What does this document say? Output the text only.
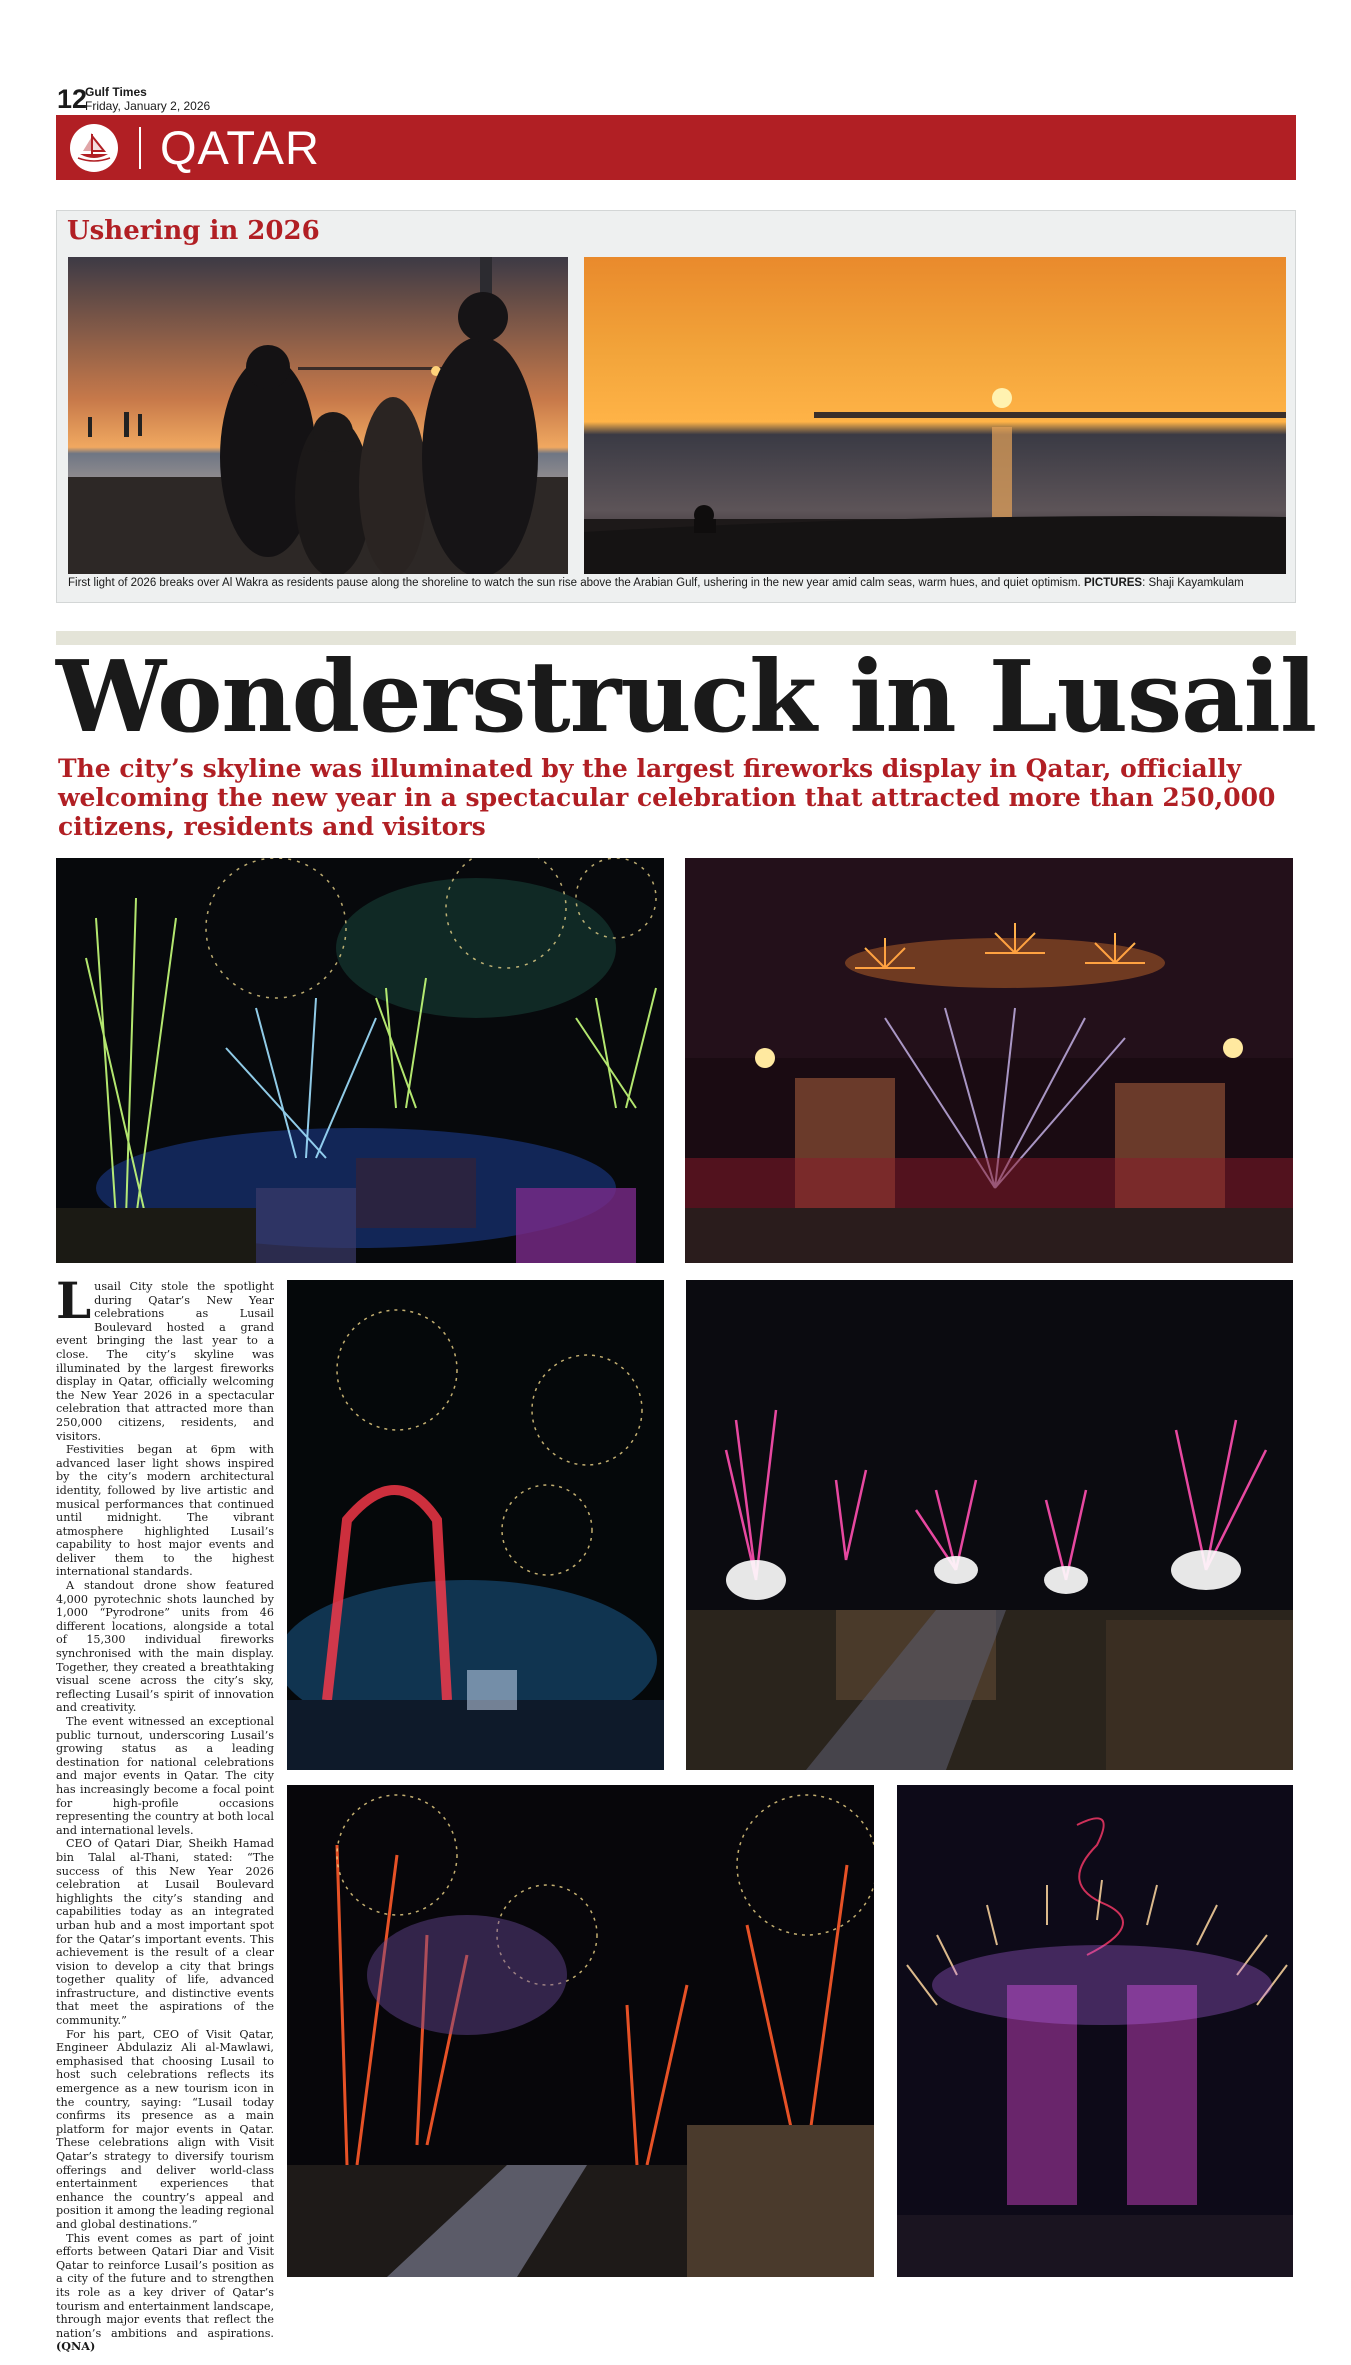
12
Gulf Times
Friday, January 2, 2026
QATAR
Ushering in 2026
First light of 2026 breaks over Al Wakra as residents pause along the shoreline to watch the sun rise above the Arabian Gulf, ushering in the new year amid calm seas, warm hues, and quiet optimism. PICTURES: Shaji Kayamkulam
Wonderstruck in Lusail
The city’s skyline was illuminated by the largest fireworks display in Qatar, officially welcoming the new year in a spectacular celebration that attracted more than 250,000 citizens, residents and visitors

Lusail City stole the spotlight during Qatar’s New Year celebrations as Lusail Boulevard hosted a grand event bringing the last year to a close. The city’s skyline was illuminated by the largest fireworks display in Qatar, officially welcoming the New Year 2026 in a spectacular celebration that attracted more than 250,000 citizens, residents, and visitors.

Festivities began at 6pm with advanced laser light shows inspired by the city’s modern architectural identity, followed by live artistic and musical performances that continued until midnight. The vibrant atmosphere highlighted Lusail’s capability to host major events and deliver them to the highest international standards.

A standout drone show featured 4,000 pyrotechnic shots launched by 1,000 “Pyrodrone” units from 46 different locations, alongside a total of 15,300 individual fireworks synchronised with the main display. Together, they created a breathtaking visual scene across the city’s sky, reflecting Lusail’s spirit of innovation and creativity.

The event witnessed an exceptional public turnout, underscoring Lusail’s growing status as a leading destination for national celebrations and major events in Qatar. The city has increasingly become a focal point for high-profile occasions representing the country at both local and international levels.

CEO of Qatari Diar, Sheikh Hamad bin Talal al-Thani, stated: “The success of this New Year 2026 celebration at Lusail Boulevard highlights the city’s standing and capabilities today as an integrated urban hub and a most important spot for the Qatar’s important events. This achievement is the result of a clear vision to develop a city that brings together quality of life, advanced infrastructure, and distinctive events that meet the aspirations of the community.”

For his part, CEO of Visit Qatar, Engineer Abdulaziz Ali al-Mawlawi, emphasised that choosing Lusail to host such celebrations reflects its emergence as a new tourism icon in the country, saying: “Lusail today confirms its presence as a main platform for major events in Qatar. These celebrations align with Visit Qatar’s strategy to diversify tourism offerings and deliver world-class entertainment experiences that enhance the country’s appeal and position it among the leading regional and global destinations.”

This event comes as part of joint efforts between Qatari Diar and Visit Qatar to reinforce Lusail’s position as a city of the future and to strengthen its role as a key driver of Qatar’s tourism and entertainment landscape, through major events that reflect the nation’s ambitions and aspirations. (QNA)
